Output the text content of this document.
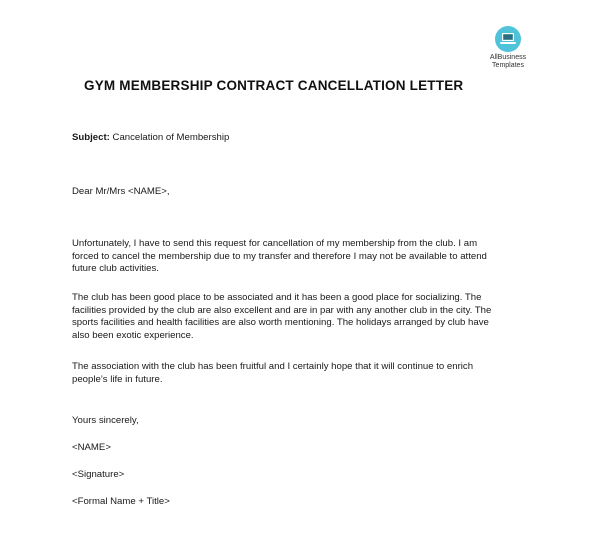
AllBusiness
Templates
GYM MEMBERSHIP CONTRACT CANCELLATION LETTER
Subject: Cancelation of Membership
Dear Mr/Mrs <NAME>,
Unfortunately, I have to send this request for cancellation of my membership from the club. I am
forced to cancel the membership due to my transfer and therefore I may not be available to attend
future club activities.
The club has been good place to be associated and it has been a good place for socializing. The
facilities provided by the club are also excellent and are in par with any another club in the city. The
sports facilities and health facilities are also worth mentioning. The holidays arranged by club have
also been exotic experience.
The association with the club has been fruitful and I certainly hope that it will continue to enrich
people’s life in future.
Yours sincerely,
<NAME>
<Signature>
<Formal Name + Title>
